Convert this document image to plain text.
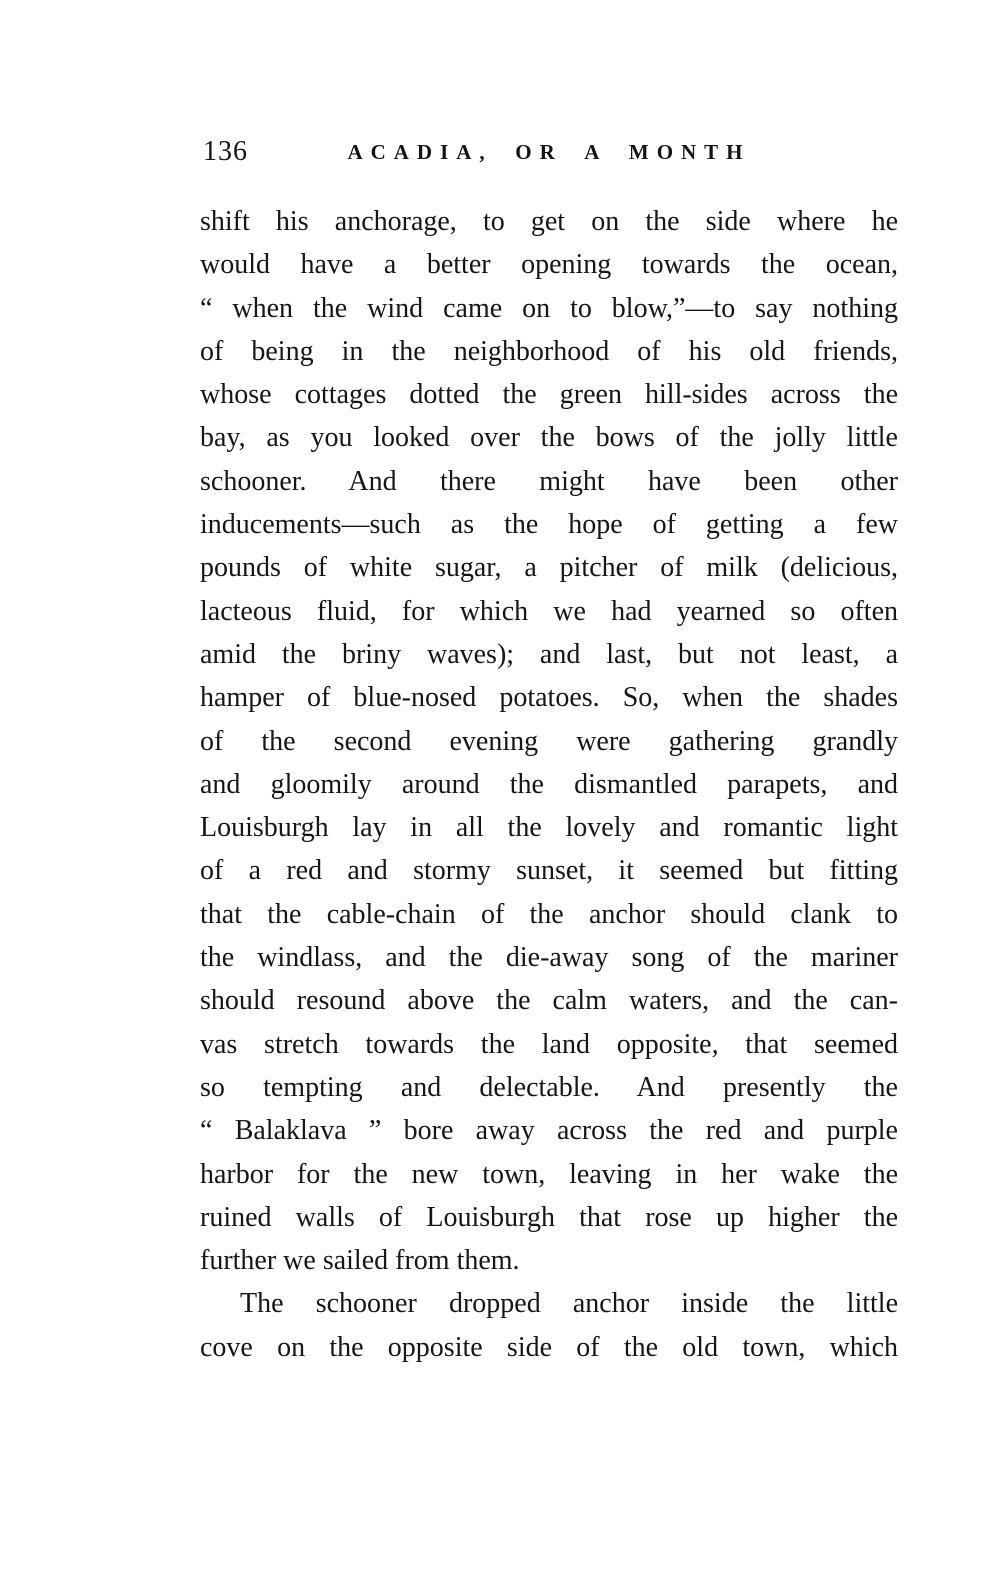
136	ACADIA, OR A MONTH
shift his anchorage, to get on the side where he
would have a better opening towards the ocean,
“ when the wind came on to blow,”—to say nothing
of being in the neighborhood of his old friends,
whose cottages dotted the green hill-sides across the
bay, as you looked over the bows of the jolly little
schooner. And there might have been other
inducements—such as the hope of getting a few
pounds of white sugar, a pitcher of milk (delicious,
lacteous fluid, for which we had yearned so often
amid the briny waves); and last, but not least, a
hamper of blue-nosed potatoes. So, when the shades
of the second evening were gathering grandly
and gloomily around the dismantled parapets, and
Louisburgh lay in all the lovely and romantic light
of a red and stormy sunset, it seemed but fitting
that the cable-chain of the anchor should clank to
the windlass, and the die-away song of the mariner
should resound above the calm waters, and the can-
vas stretch towards the land opposite, that seemed
so tempting and delectable. And presently the
“ Balaklava ” bore away across the red and purple
harbor for the new town, leaving in her wake the
ruined walls of Louisburgh that rose up higher the
further we sailed from them.
The schooner dropped anchor inside the little
cove on the opposite side of the old town, which
